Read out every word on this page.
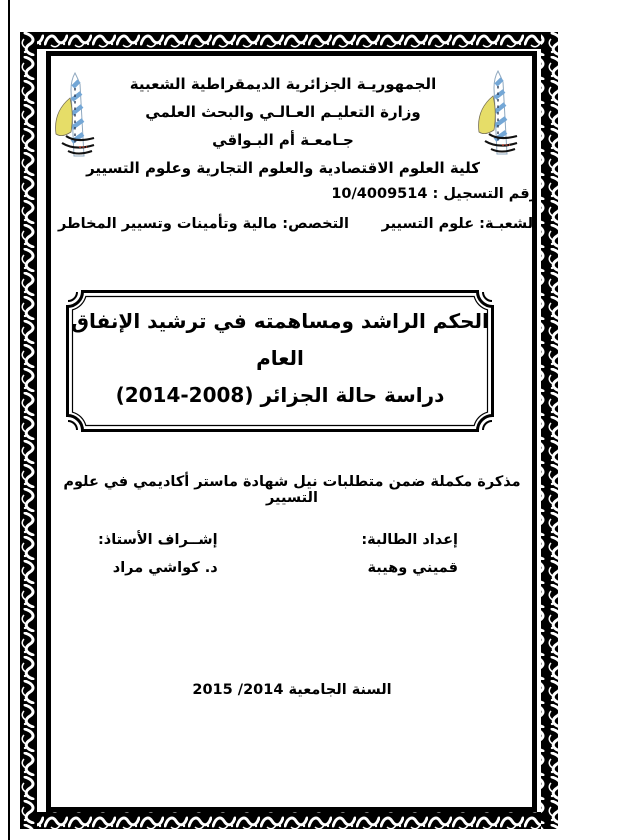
الجمهوريـة الجزائرية الديمقراطية الشعبية
وزارة التعليـم العـالـي والبحث العلمي
جـامعـة أم البـواقي
كلية العلوم الاقتصادية والعلوم التجارية وعلوم التسيير
رقم التسجيل : 10/4009514
الشعبـة: علوم التسيير
التخصص: مالية وتأمينات وتسيير المخاطر
الحكم الراشد ومساهمته في ترشيد الإنفاق العام
دراسة حالة الجزائر (2014-2008)
مذكرة مكملة ضمن متطلبات نيل شهادة ماستر أكاديمي في علوم التسيير
إعداد الطالبة:
قميني وهيبة
إشــراف الأستاذ:
د. كواشي مراد
السنة الجامعية 2014/ 2015
